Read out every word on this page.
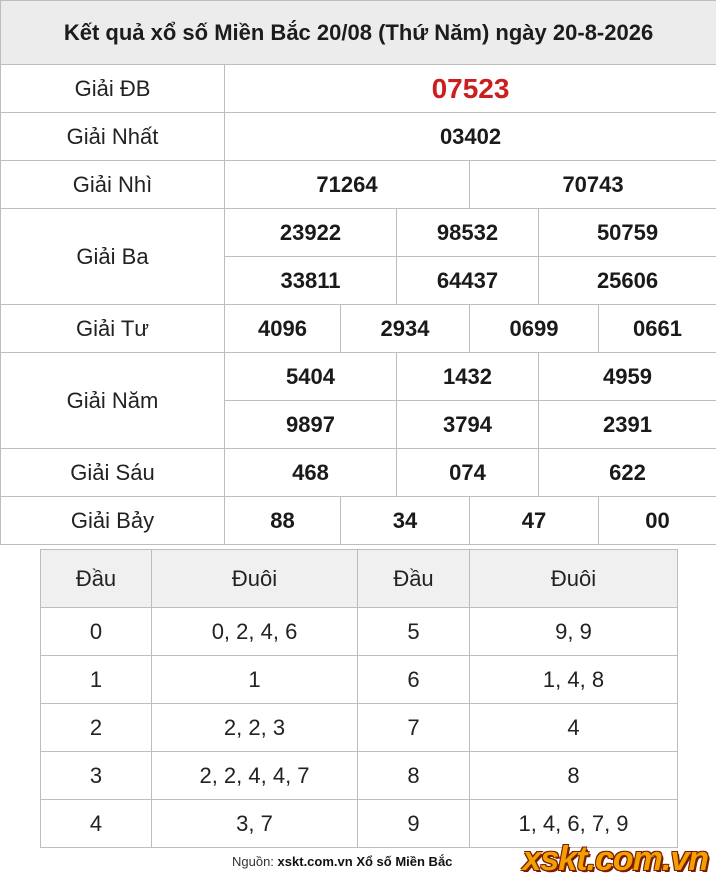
Kết quả xổ số Miền Bắc 20/08 (Thứ Năm) ngày 20-8-2026						
Giải ĐB	07523					
Giải Nhất	03402					
Giải Nhì	71264			70743		
Giải Ba	23922		98532		50759	
	33811		64437		25606	
Giải Tư	4096	2934		0699		0661
Giải Năm	5404		1432		4959	
	9897		3794		2391	
Giải Sáu	468		074		622	
Giải Bảy	88	34		47		00
Đầu	Đuôi	Đầu	Đuôi
0	0, 2, 4, 6	5	9, 9
1	1	6	1, 4, 8
2	2, 2, 3	7	4
3	2, 2, 4, 4, 7	8	8
4	3, 7	9	1, 4, 6, 7, 9
Nguồn: xskt.com.vn Xổ số Miền Bắc xskt.com.vn
